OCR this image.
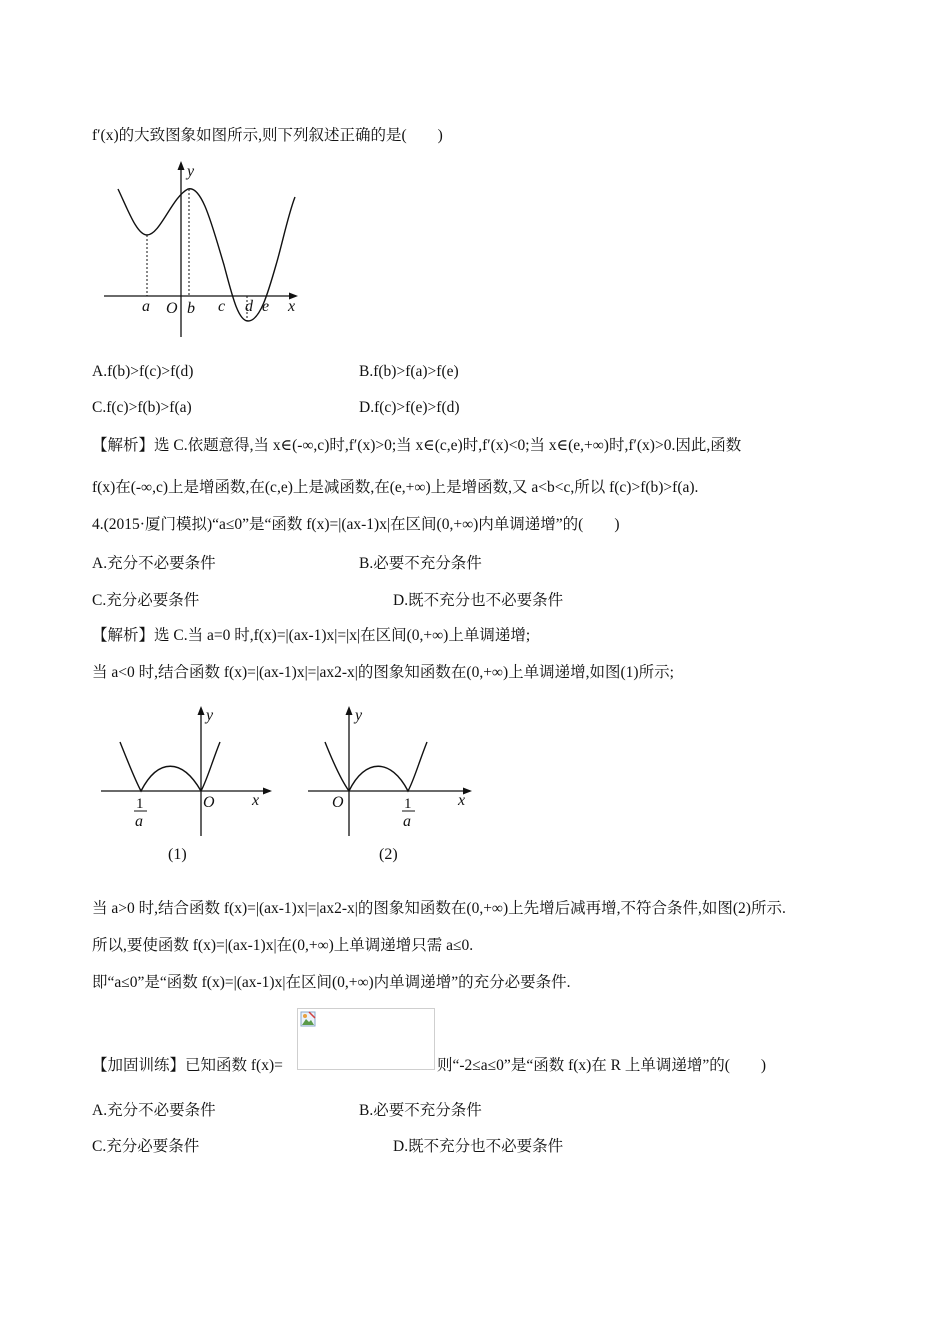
f′(x)的大致图象如图所示,则下列叙述正确的是(　　)
y
x
a O b c d e
A.f(b)>f(c)>f(d)	B.f(b)>f(a)>f(e)
C.f(c)>f(b)>f(a)	D.f(c)>f(e)>f(d)
【解析】选 C.依题意得,当 x∈(-∞,c)时,f′(x)>0;当 x∈(c,e)时,f′(x)<0;当 x∈(e,+∞)时,f′(x)>0.因此,函数
f(x)在(-∞,c)上是增函数,在(c,e)上是减函数,在(e,+∞)上是增函数,又 a<b<c,所以 f(c)>f(b)>f(a).
4.(2015·厦门模拟)“a≤0”是“函数 f(x)=|(ax-1)x|在区间(0,+∞)内单调递增”的(　　)
A.充分不必要条件	B.必要不充分条件
C.充分必要条件	D.既不充分也不必要条件
【解析】选 C.当 a=0 时,f(x)=|(ax-1)x|=|x|在区间(0,+∞)上单调递增;
当 a<0 时,结合函数 f(x)=|(ax-1)x|=|ax2-x|的图象知函数在(0,+∞)上单调递增,如图(1)所示;
y
x
O
1
a
(1)
y
x
O	1
a
(2)
当 a>0 时,结合函数 f(x)=|(ax-1)x|=|ax2-x|的图象知函数在(0,+∞)上先增后减再增,不符合条件,如图(2)所示.
所以,要使函数 f(x)=|(ax-1)x|在(0,+∞)上单调递增只需 a≤0.
即“a≤0”是“函数 f(x)=|(ax-1)x|在区间(0,+∞)内单调递增”的充分必要条件.
【加固训练】已知函数 f(x)=	则“-2≤a≤0”是“函数 f(x)在 R 上单调递增”的(　　)
A.充分不必要条件	B.必要不充分条件
C.充分必要条件	D.既不充分也不必要条件
